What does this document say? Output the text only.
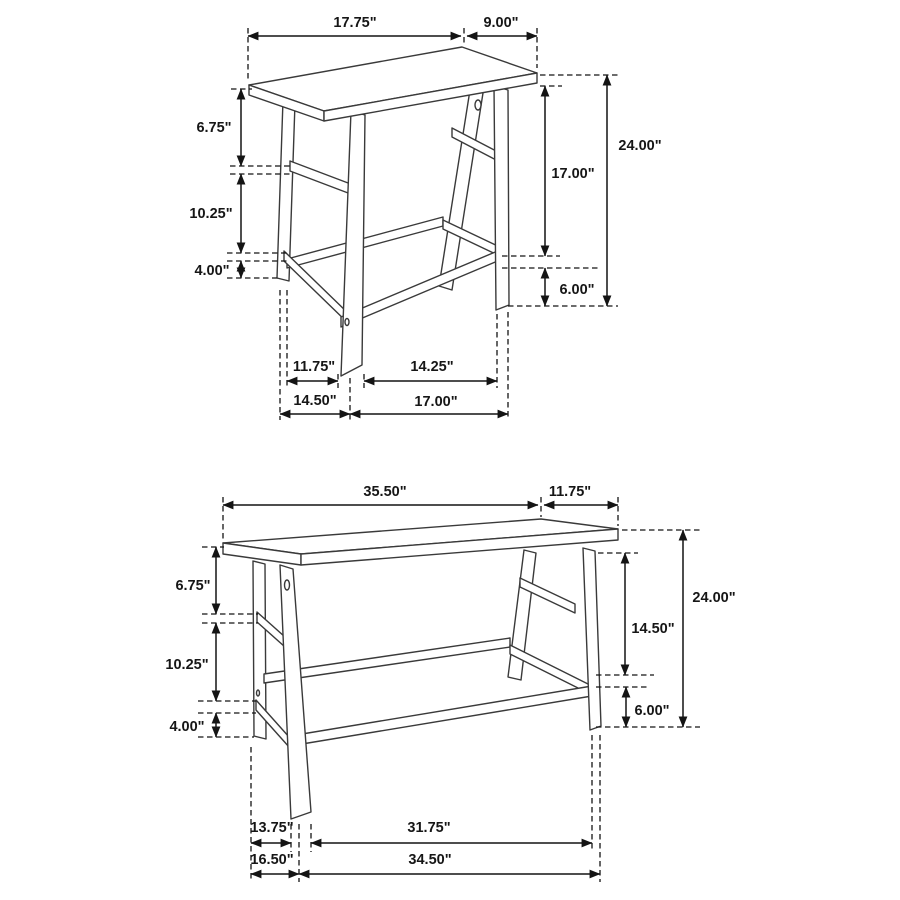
17.75"	9.00"
24.00"
17.00"
6.00"
6.75"
10.25"
4.00"
11.75"	14.25"
14.50"	17.00"
35.50"	11.75"
24.00"
14.50"
6.00"
6.75"
10.25"
4.00"
13.75"	31.75"
16.50"	34.50"
